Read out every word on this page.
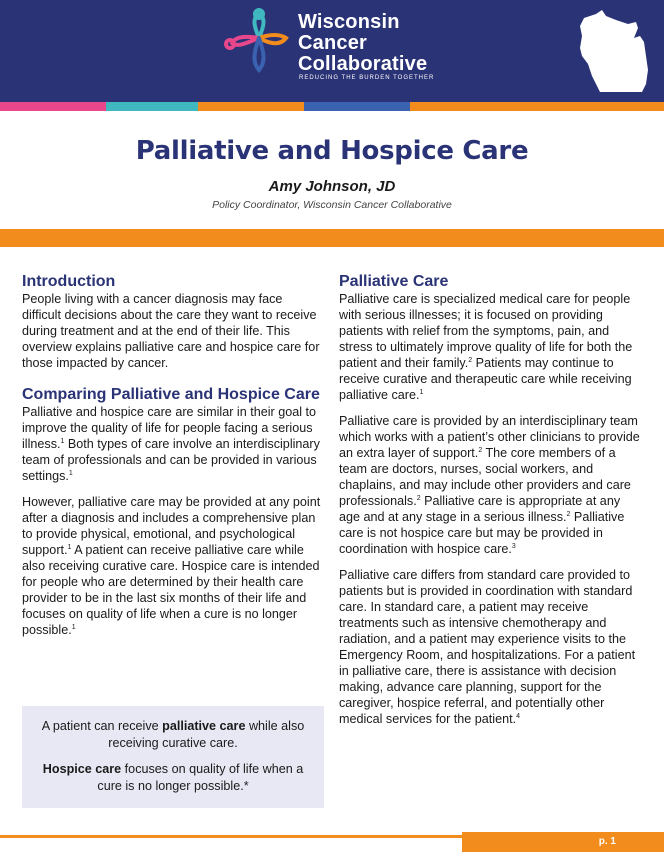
Wisconsin
Cancer
Collaborative
REDUCING THE BURDEN TOGETHER
Palliative and Hospice Care
Amy Johnson, JD
Policy Coordinator, Wisconsin Cancer Collaborative
Introduction
People living with a cancer diagnosis may face difficult decisions about the care they want to receive during treatment and at the end of their life. This overview explains palliative care and hospice care for those impacted by cancer.
Comparing Palliative and Hospice Care
Palliative and hospice care are similar in their goal to improve the quality of life for people facing a serious illness.$^1$ Both types of care involve an interdisciplinary team of professionals and can be provided in various settings.$^1$
However, palliative care may be provided at any point after a diagnosis and includes a comprehensive plan to provide physical, emotional, and psychological support.$^1$ A patient can receive palliative care while also receiving curative care. Hospice care is intended for people who are determined by their health care provider to be in the last six months of their life and focuses on quality of life when a cure is no longer possible.$^1$

A patient can receive palliative care while also receiving curative care.

Hospice care focuses on quality of life when a cure is no longer possible.*

Palliative Care
Palliative care is specialized medical care for people with serious illnesses; it is focused on providing patients with relief from the symptoms, pain, and stress to ultimately improve quality of life for both the patient and their family.$^2$ Patients may continue to receive curative and therapeutic care while receiving palliative care.$^1$
Palliative care is provided by an interdisciplinary team which works with a patient’s other clinicians to provide an extra layer of support.$^2$ The core members of a team are doctors, nurses, social workers, and chaplains, and may include other providers and care professionals.$^2$ Palliative care is appropriate at any age and at any stage in a serious illness.$^2$ Palliative care is not hospice care but may be provided in coordination with hospice care.$^3$
Palliative care differs from standard care provided to patients but is provided in coordination with standard care. In standard care, a patient may receive treatments such as intensive chemotherapy and radiation, and a patient may experience visits to the Emergency Room, and hospitalizations. For a patient in palliative care, there is assistance with decision making, advance care planning, support for the caregiver, hospice referral, and potentially other medical services for the patient.$^4$
p. 1
